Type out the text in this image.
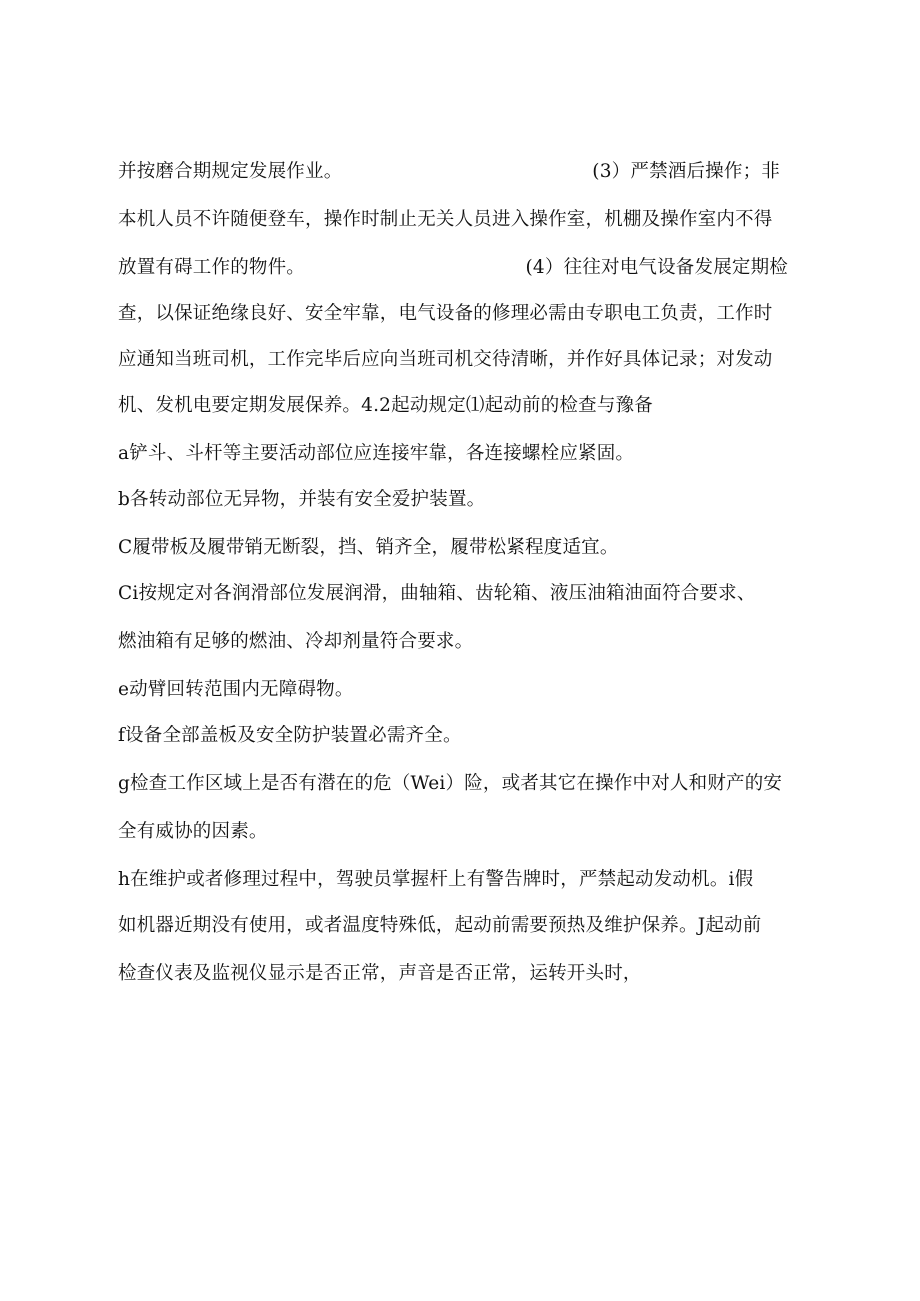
并按磨合期规定发展作业。	(3）严禁酒后操作；非
本机人员不许随便登车，操作时制止无关人员进入操作室，机棚及操作室内不得
放置有碍工作的物件。	(4）往往对电气设备发展定期检
查，以保证绝缘良好、安全牢靠，电气设备的修理必需由专职电工负责，工作时
应通知当班司机，工作完毕后应向当班司机交待清晰，并作好具体记录；对发动
机、发机电要定期发展保养。4.2起动规定⑴起动前的检查与豫备
a铲斗、斗杆等主要活动部位应连接牢靠，各连接螺栓应紧固。
b各转动部位无异物，并装有安全爱护装置。
C履带板及履带销无断裂，挡、销齐全，履带松紧程度适宜。
Ci按规定对各润滑部位发展润滑，曲轴箱、齿轮箱、液压油箱油面符合要求、
燃油箱有足够的燃油、冷却剂量符合要求。
e动臂回转范围内无障碍物。
f设备全部盖板及安全防护装置必需齐全。
g检查工作区域上是否有潜在的危（Wei）险，或者其它在操作中对人和财产的安
全有威协的因素。
h在维护或者修理过程中，驾驶员掌握杆上有警告牌时，严禁起动发动机。i假
如机器近期没有使用，或者温度特殊低，起动前需要预热及维护保养。J起动前
检查仪表及监视仪显示是否正常，声音是否正常，运转开头时，
